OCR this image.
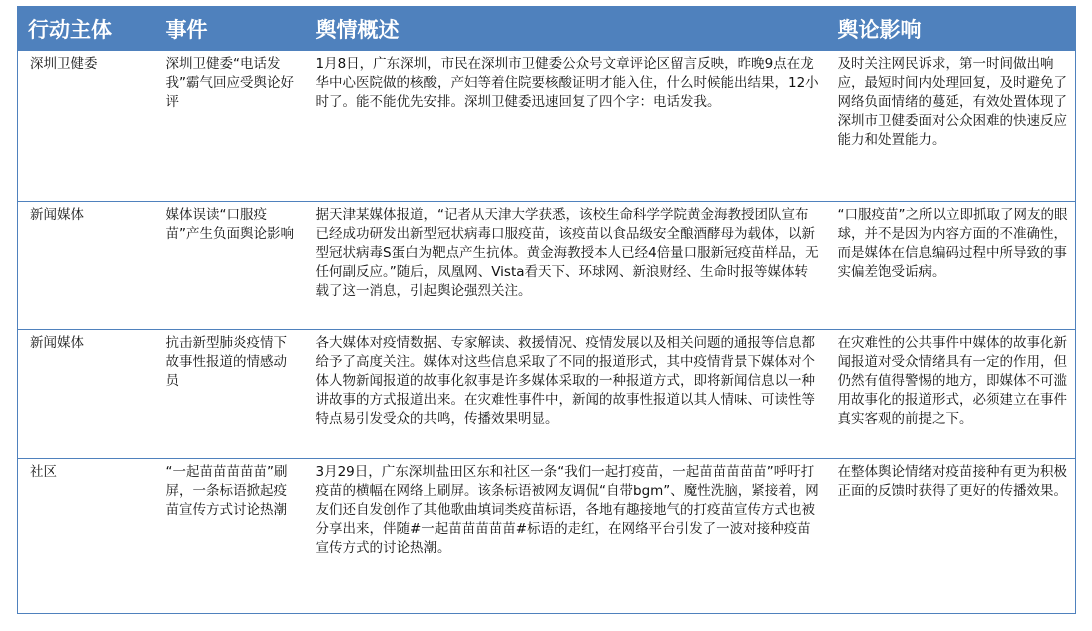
行动主体	事件	舆情概述	舆论影响
深圳卫健委	深圳卫健委“电话发我”霸气回应受舆论好评	1月8日，广东深圳，市民在深圳市卫健委公众号文章评论区留言反映，昨晚9点在龙华中心医院做的核酸，产妇等着住院要核酸证明才能入住，什么时候能出结果，12小时了。能不能优先安排。深圳卫健委迅速回复了四个字：电话发我。	及时关注网民诉求，第一时间做出响应，最短时间内处理回复，及时避免了网络负面情绪的蔓延，有效处置体现了深圳市卫健委面对公众困难的快速反应能力和处置能力。
新闻媒体	媒体误读“口服疫苗”产生负面舆论影响	据天津某媒体报道，“记者从天津大学获悉，该校生命科学学院黄金海教授团队宣布已经成功研发出新型冠状病毒口服疫苗，该疫苗以食品级安全酿酒酵母为载体，以新型冠状病毒S蛋白为靶点产生抗体。黄金海教授本人已经4倍量口服新冠疫苗样品，无任何副反应。”随后，凤凰网、Vista看天下、环球网、新浪财经、生命时报等媒体转载了这一消息，引起舆论强烈关注。	“口服疫苗”之所以立即抓取了网友的眼球，并不是因为内容方面的不准确性，而是媒体在信息编码过程中所导致的事实偏差饱受诟病。
新闻媒体	抗击新型肺炎疫情下故事性报道的情感动员	各大媒体对疫情数据、专家解读、救援情况、疫情发展以及相关问题的通报等信息都给予了高度关注。媒体对这些信息采取了不同的报道形式，其中疫情背景下媒体对个体人物新闻报道的故事化叙事是许多媒体采取的一种报道方式，即将新闻信息以一种讲故事的方式报道出来。在灾难性事件中，新闻的故事性报道以其人情味、可读性等特点易引发受众的共鸣，传播效果明显。	在灾难性的公共事件中媒体的故事化新闻报道对受众情绪具有一定的作用，但仍然有值得警惕的地方，即媒体不可滥用故事化的报道形式，必须建立在事件真实客观的前提之下。
社区	“一起苗苗苗苗苗”刷屏，一条标语掀起疫苗宣传方式讨论热潮	3月29日，广东深圳盐田区东和社区一条“我们一起打疫苗，一起苗苗苗苗苗”呼吁打疫苗的横幅在网络上刷屏。该条标语被网友调侃“自带bgm”、魔性洗脑，紧接着，网友们还自发创作了其他歌曲填词类疫苗标语，各地有趣接地气的打疫苗宣传方式也被分享出来，伴随#一起苗苗苗苗苗#标语的走红，在网络平台引发了一波对接种疫苗宣传方式的讨论热潮。	在整体舆论情绪对疫苗接种有更为积极正面的反馈时获得了更好的传播效果。
